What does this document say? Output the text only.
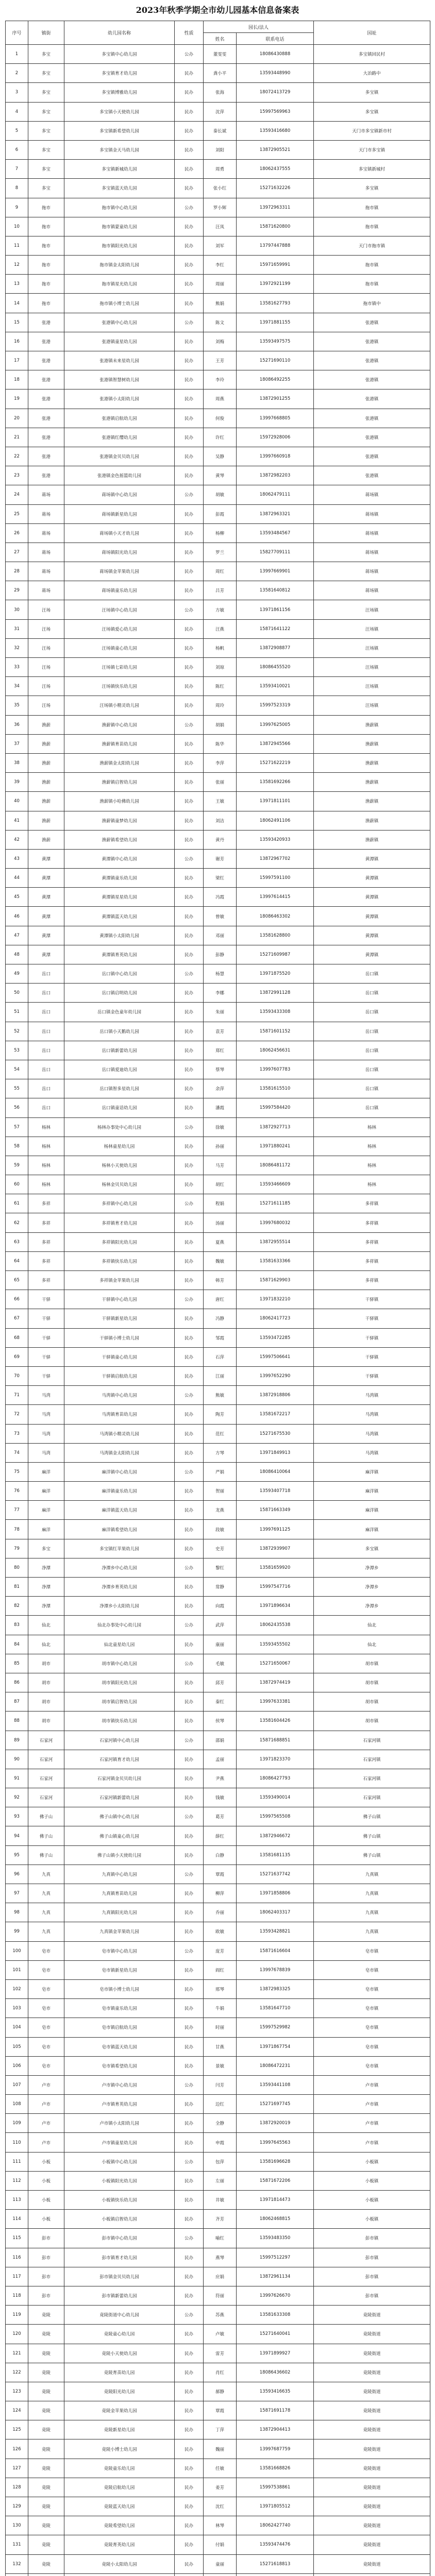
2023年秋季学期全市幼儿园基本信息备案表
序号	镇街	幼儿园名称	性质	园长/法人		园址
				姓名	联系电话	
1	多宝	多宝镇中心幼儿园	公办	董雯雯	18086430888	多宝镇回民村
2	多宝	多宝镇育才幼儿园	民办	龚小平	13593448990	大冶路中
3	多宝	多宝镇博雅幼儿园	民办	张海	18072413729	多宝镇
4	多宝	多宝镇小天使幼儿园	民办	沈萍	15997569963	多宝镇
5	多宝	多宝镇新希望幼儿园	民办	秦长斌	13593416680	天门市多宝镇新市村
6	多宝	多宝镇金天马幼儿园	民办	刘阳	13872905521	天门市多宝镇
7	多宝	多宝镇新城幼儿园	民办	周勇	18062437555	多宝镇新城村
8	多宝	多宝镇蓝天幼儿园	民办	张小红	15271632226	多宝镇
9	拖市	拖市镇中心幼儿园	公办	罗小辉	13972963311	拖市镇
10	拖市	拖市镇蒙童幼儿园	民办	汪凤	15871620800	拖市镇
11	拖市	拖市镇阳光幼儿园	民办	刘军	13797447888	天门市拖市镇
12	拖市	拖市镇金太阳幼儿园	民办	李红	15971659991	拖市镇
13	拖市	拖市镇星光幼儿园	民办	周丽	13972921199	拖市镇
14	拖市	拖市镇小博士幼儿园	民办	熊娟	13581627793	拖市镇中
15	张港	张港镇中心幼儿园	公办	陈文	13971881155	张港镇
16	张港	张港镇童星幼儿园	民办	刘梅	13593497575	张港镇
17	张港	张港镇未来星幼儿园	民办	王芳	15271690110	张港镇
18	张港	张港镇智慧树幼儿园	民办	李玲	18086492255	张港镇
19	张港	张港镇小太阳幼儿园	民办	周燕	13872901255	张港镇
20	张港	张港镇启航幼儿园	民办	何俊	13997668805	张港镇
21	张港	张港镇红缨幼儿园	民办	许红	15972928006	张港镇
22	张港	张港镇金贝贝幼儿园	民办	吴静	13997660918	张港镇
23	张港	张港镇金色摇篮幼儿园	民办	黄琴	13872982203	张港镇
24	蒋场	蒋场镇中心幼儿园	公办	胡敏	18062479111	蒋场镇
25	蒋场	蒋场镇新星幼儿园	民办	彭霞	13872963321	蒋场镇
26	蒋场	蒋场镇小天才幼儿园	民办	杨柳	13593484567	蒋场镇
27	蒋场	蒋场镇阳光幼儿园	民办	罗兰	15827709111	蒋场镇
28	蒋场	蒋场镇金苹果幼儿园	民办	周红	13997669901	蒋场镇
29	蒋场	蒋场镇童乐幼儿园	民办	吕芳	13581640812	蒋场镇
30	汪场	汪场镇中心幼儿园	公办	方敏	13971861156	汪场镇
31	汪场	汪场镇爱心幼儿园	民办	汪燕	15871641122	汪场镇
32	汪场	汪场镇童心幼儿园	民办	杨帆	13872908877	汪场镇
33	汪场	汪场镇七彩幼儿园	民办	刘琼	18086455520	汪场镇
34	汪场	汪场镇快乐幼儿园	民办	陈红	13593410021	汪场镇
35	汪场	汪场镇小精灵幼儿园	民办	周玲	15997523319	汪场镇
36	渔薪	渔薪镇中心幼儿园	公办	胡娟	13997625005	渔薪镇
37	渔薪	渔薪镇育苗幼儿园	民办	陈华	13872945566	渔薪镇
38	渔薪	渔薪镇金太阳幼儿园	民办	李萍	15271622219	渔薪镇
39	渔薪	渔薪镇启智幼儿园	民办	张丽	13581692266	渔薪镇
40	渔薪	渔薪镇小哈佛幼儿园	民办	王敏	13971811101	渔薪镇
41	渔薪	渔薪镇童梦幼儿园	民办	刘洁	18062491106	渔薪镇
42	渔薪	渔薪镇希望幼儿园	民办	黄丹	13593420933	渔薪镇
43	黄潭	黄潭镇中心幼儿园	公办	谢芳	13872967702	黄潭镇
44	黄潭	黄潭镇童乐幼儿园	民办	梁红	15997591100	黄潭镇
45	黄潭	黄潭镇星星幼儿园	民办	冯霞	13997614415	黄潭镇
46	黄潭	黄潭镇蓝天幼儿园	民办	曾敏	18086463302	黄潭镇
47	黄潭	黄潭镇小太阳幼儿园	民办	邓丽	13581628800	黄潭镇
48	黄潭	黄潭镇育英幼儿园	民办	彭静	15271609987	黄潭镇
49	岳口	岳口镇中心幼儿园	公办	杨慧	13971875520	岳口镇
50	岳口	岳口镇启明幼儿园	民办	李娜	13872991128	岳口镇
51	岳口	岳口镇金色童年幼儿园	民办	朱丽	13593433308	岳口镇
52	岳口	岳口镇小天鹅幼儿园	民办	袁芳	15871601152	岳口镇
53	岳口	岳口镇新蕾幼儿园	民办	郑红	18062456631	岳口镇
54	岳口	岳口镇爱迪幼儿园	民办	蔡琴	13997607783	岳口镇
55	岳口	岳口镇智多星幼儿园	民办	余萍	13581615510	岳口镇
56	岳口	岳口镇童话幼儿园	民办	潘霞	15997584420	岳口镇
57	杨林	杨林办事处中心幼儿园	公办	徐敏	13872927713	杨林
58	杨林	杨林童星幼儿园	民办	孙丽	13971880241	杨林
59	杨林	杨林小天使幼儿园	民办	马芳	18086481172	杨林
60	杨林	杨林金贝贝幼儿园	民办	胡红	13593466609	杨林
61	多祥	多祥镇中心幼儿园	公办	程娟	15271611185	多祥镇
62	多祥	多祥镇育才幼儿园	民办	汤丽	13997680032	多祥镇
63	多祥	多祥镇阳光幼儿园	民办	夏燕	13872955514	多祥镇
64	多祥	多祥镇快乐幼儿园	民办	魏敏	13581633366	多祥镇
65	多祥	多祥镇金苹果幼儿园	民办	韩芳	15871629903	多祥镇
66	干驿	干驿镇中心幼儿园	公办	唐红	13971832210	干驿镇
67	干驿	干驿镇新星幼儿园	民办	冯静	18062417723	干驿镇
68	干驿	干驿镇小博士幼儿园	民办	邹霞	13593472285	干驿镇
69	干驿	干驿镇童心幼儿园	民办	石萍	15997506641	干驿镇
70	干驿	干驿镇启航幼儿园	民办	江丽	13997652290	干驿镇
71	马湾	马湾镇中心幼儿园	公办	熊敏	13872918806	马湾镇
72	马湾	马湾镇育苗幼儿园	民办	陶芳	13581672217	马湾镇
73	马湾	马湾镇小精灵幼儿园	民办	范红	15271675530	马湾镇
74	马湾	马湾镇金太阳幼儿园	民办	方琴	13971849913	马湾镇
75	麻洋	麻洋镇中心幼儿园	公办	严娟	18086410064	麻洋镇
76	麻洋	麻洋镇童乐幼儿园	民办	贺丽	13593407718	麻洋镇
77	麻洋	麻洋镇蓝天幼儿园	民办	龙燕	15871663349	麻洋镇
78	麻洋	麻洋镇希望幼儿园	民办	段敏	13997691125	麻洋镇
79	多宝	多宝镇红苹果幼儿园	民办	史芳	13872939907	多宝镇
80	净潭	净潭乡中心幼儿园	公办	黎红	13581659920	净潭乡
81	净潭	净潭乡育英幼儿园	民办	常静	15997547716	净潭乡
82	净潭	净潭乡小太阳幼儿园	民办	向霞	13971896634	净潭乡
83	仙北	仙北办事处中心幼儿园	公办	武萍	18062435538	仙北
84	仙北	仙北童星幼儿园	民办	康丽	13593455502	仙北
85	胡市	胡市镇中心幼儿园	公办	毛敏	15271650067	胡市镇
86	胡市	胡市镇阳光幼儿园	民办	邱芳	13872974419	胡市镇
87	胡市	胡市镇启智幼儿园	民办	秦红	13997633381	胡市镇
88	胡市	胡市镇快乐幼儿园	民办	侯琴	13581604426	胡市镇
89	石家河	石家河镇中心幼儿园	公办	邵娟	15871688851	石家河镇
90	石家河	石家河镇育才幼儿园	民办	孟丽	13971823370	石家河镇
91	石家河	石家河镇金贝贝幼儿园	民办	尹燕	18086427793	石家河镇
92	石家河	石家河镇新蕾幼儿园	民办	钱敏	13593490014	石家河镇
93	佛子山	佛子山镇中心幼儿园	公办	葛芳	15997565508	佛子山镇
94	佛子山	佛子山镇童心幼儿园	民办	薛红	13872946672	佛子山镇
95	佛子山	佛子山镇小天使幼儿园	民办	白静	13581681135	佛子山镇
96	九真	九真镇中心幼儿园	公办	覃霞	15271637742	九真镇
97	九真	九真镇育苗幼儿园	民办	柳萍	13971858806	九真镇
98	九真	九真镇阳光幼儿园	民办	乔丽	18062403317	九真镇
99	九真	九真镇金苹果幼儿园	民办	欧敏	13593428821	九真镇
100	皂市	皂市镇中心幼儿园	公办	庞芳	15871616604	皂市镇
101	皂市	皂市镇新星幼儿园	民办	阎红	13997678839	皂市镇
102	皂市	皂市镇小博士幼儿园	民办	邢琴	13872983325	皂市镇
103	皂市	皂市镇童乐幼儿园	民办	牛娟	13581647710	皂市镇
104	皂市	皂市镇启航幼儿园	民办	时丽	15997529982	皂市镇
105	皂市	皂市镇蓝天幼儿园	民办	甘燕	13971867754	皂市镇
106	皂市	皂市镇希望幼儿园	民办	景敏	18086472231	皂市镇
107	卢市	卢市镇中心幼儿园	公办	闫芳	13593441108	卢市镇
108	卢市	卢市镇育英幼儿园	民办	边红	15271697745	卢市镇
109	卢市	卢市镇小太阳幼儿园	民办	全静	13872920019	卢市镇
110	卢市	卢市镇童星幼儿园	民办	申霞	13997645563	卢市镇
111	小板	小板镇中心幼儿园	公办	包萍	13581696628	小板镇
112	小板	小板镇阳光幼儿园	民办	左丽	15871672206	小板镇
113	小板	小板镇快乐幼儿园	民办	井敏	13971814473	小板镇
114	小板	小板镇启智幼儿园	民办	齐芳	18062468815	小板镇
115	彭市	彭市镇中心幼儿园	公办	喻红	13593483350	彭市镇
116	彭市	彭市镇育才幼儿园	民办	燕琴	15997512297	彭市镇
117	彭市	彭市镇金贝贝幼儿园	民办	应娟	13872961134	彭市镇
118	彭市	彭市镇新蕾幼儿园	民办	符丽	13997626670	彭市镇
119	竟陵	竟陵街道中心幼儿园	公办	苏燕	13581633308	竟陵街道
120	竟陵	竟陵童心幼儿园	民办	卢敏	15271640041	竟陵街道
121	竟陵	竟陵小天使幼儿园	民办	雷芳	13971899927	竟陵街道
122	竟陵	竟陵育苗幼儿园	民办	肖红	18086436602	竟陵街道
123	竟陵	竟陵阳光幼儿园	民办	郝静	13593416635	竟陵街道
124	竟陵	竟陵金苹果幼儿园	民办	覃霞	15871691178	竟陵街道
125	竟陵	竟陵新星幼儿园	民办	丁萍	13872904413	竟陵街道
126	竟陵	竟陵小博士幼儿园	民办	魏丽	13997687759	竟陵街道
127	竟陵	竟陵童乐幼儿园	民办	任敏	13581668826	竟陵街道
128	竟陵	竟陵启航幼儿园	民办	姜芳	15997538861	竟陵街道
129	竟陵	竟陵蓝天幼儿园	民办	沈红	13971805512	竟陵街道
130	竟陵	竟陵希望幼儿园	民办	林琴	18062427740	竟陵街道
131	竟陵	竟陵育英幼儿园	民办	付娟	13593474476	竟陵街道
132	竟陵	竟陵小太阳幼儿园	民办	童丽	15271618813	竟陵街道
